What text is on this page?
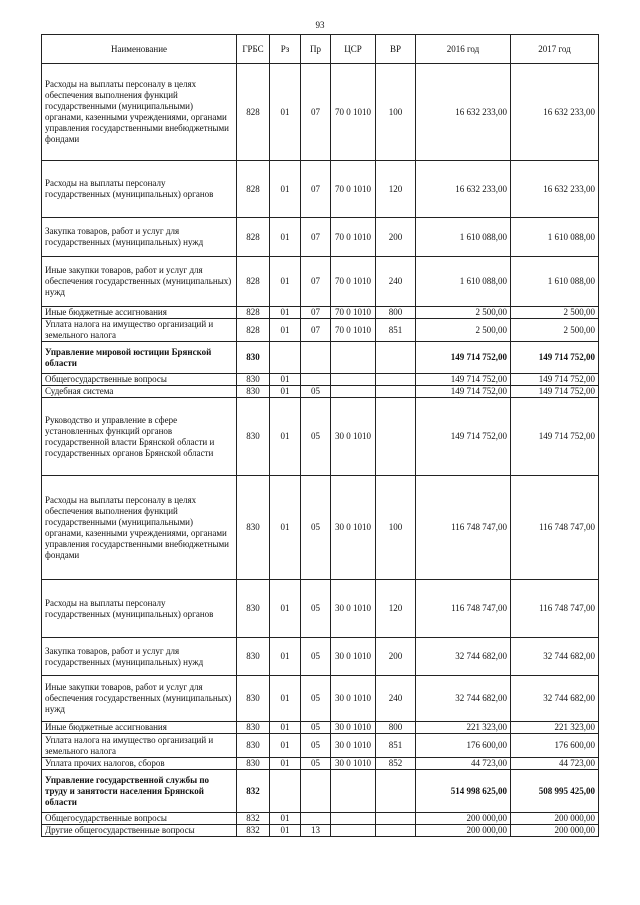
93
Наименование	ГРБС	Рз	Пр	ЦСР	ВР	2016 год	2017 год
Расходы на выплаты персоналу в целях обеспечения выполнения функций государственными (муниципальными) органами, казенными учреждениями, органами управления государственными внебюджетными фондами	828	01	07	70 0 1010	100	16 632 233,00	16 632 233,00
Расходы на выплаты персоналу государственных (муниципальных) органов	828	01	07	70 0 1010	120	16 632 233,00	16 632 233,00
Закупка товаров, работ и услуг для государственных (муниципальных) нужд	828	01	07	70 0 1010	200	1 610 088,00	1 610 088,00
Иные закупки товаров, работ и услуг для обеспечения государственных (муниципальных) нужд	828	01	07	70 0 1010	240	1 610 088,00	1 610 088,00
Иные бюджетные ассигнования	828	01	07	70 0 1010	800	2 500,00	2 500,00
Уплата налога на имущество организаций и земельного налога	828	01	07	70 0 1010	851	2 500,00	2 500,00
Управление мировой юстиции Брянской области	830					149 714 752,00	149 714 752,00
Общегосударственные вопросы	830	01				149 714 752,00	149 714 752,00
Судебная система	830	01	05			149 714 752,00	149 714 752,00
Руководство и управление в сфере установленных функций органов государственной власти Брянской области и государственных органов Брянской области	830	01	05	30 0 1010		149 714 752,00	149 714 752,00
Расходы на выплаты персоналу в целях обеспечения выполнения функций государственными (муниципальными) органами, казенными учреждениями, органами управления государственными внебюджетными фондами	830	01	05	30 0 1010	100	116 748 747,00	116 748 747,00
Расходы на выплаты персоналу государственных (муниципальных) органов	830	01	05	30 0 1010	120	116 748 747,00	116 748 747,00
Закупка товаров, работ и услуг для государственных (муниципальных) нужд	830	01	05	30 0 1010	200	32 744 682,00	32 744 682,00
Иные закупки товаров, работ и услуг для обеспечения государственных (муниципальных) нужд	830	01	05	30 0 1010	240	32 744 682,00	32 744 682,00
Иные бюджетные ассигнования	830	01	05	30 0 1010	800	221 323,00	221 323,00
Уплата налога на имущество организаций и земельного налога	830	01	05	30 0 1010	851	176 600,00	176 600,00
Уплата прочих налогов, сборов	830	01	05	30 0 1010	852	44 723,00	44 723,00
Управление государственной службы по труду и занятости населения Брянской области	832					514 998 625,00	508 995 425,00
Общегосударственные вопросы	832	01				200 000,00	200 000,00
Другие общегосударственные вопросы	832	01	13			200 000,00	200 000,00
